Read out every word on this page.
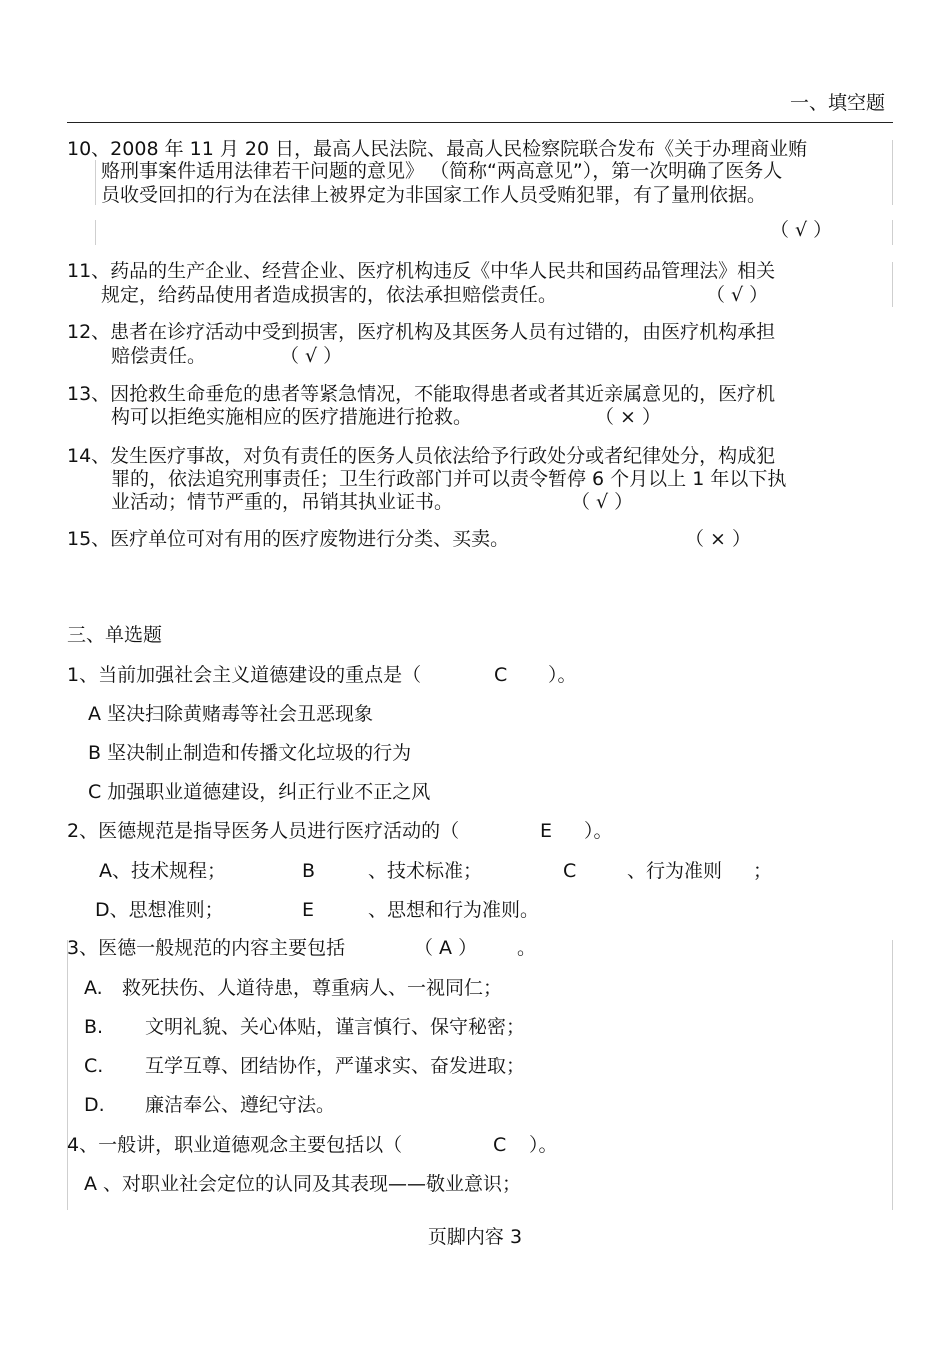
一、填空题
10、2008 年 11 月 20 日，最高人民法院、最高人民检察院联合发布《关于办理商业贿
赂刑事案件适用法律若干问题的意见》 （简称“两高意见”），第一次明确了医务人
员收受回扣的行为在法律上被界定为非国家工作人员受贿犯罪，有了量刑依据。
（ √ ）
11、药品的生产企业、经营企业、医疗机构违反《中华人民共和国药品管理法》相关
规定，给药品使用者造成损害的，依法承担赔偿责任。	（ √ ）
12、患者在诊疗活动中受到损害，医疗机构及其医务人员有过错的，由医疗机构承担
赔偿责任。	（ √ ）
13、因抢救生命垂危的患者等紧急情况，不能取得患者或者其近亲属意见的，医疗机
构可以拒绝实施相应的医疗措施进行抢救。	（ × ）
14、发生医疗事故，对负有责任的医务人员依法给予行政处分或者纪律处分，构成犯
罪的，依法追究刑事责任；卫生行政部门并可以责令暂停 6 个月以上 1 年以下执
业活动；情节严重的，吊销其执业证书。	（ √ ）
15、医疗单位可对有用的医疗废物进行分类、买卖。	（ × ）
三、单选题
1、当前加强社会主义道德建设的重点是（	C ）。
A 坚决扫除黄赌毒等社会丑恶现象
B 坚决制止制造和传播文化垃圾的行为
C 加强职业道德建设，纠正行业不正之风
2、医德规范是指导医务人员进行医疗活动的（	E ）。
A、技术规程；	B	、技术标准；	C	、行为准则 ；
D、思想准则；	E	、思想和行为准则。
3、医德一般规范的内容主要包括	（ A ） 。
A. 救死扶伤、人道待患，尊重病人、一视同仁；
B. 文明礼貌、关心体贴，谨言慎行、保守秘密；
C. 互学互尊、团结协作，严谨求实、奋发进取；
D. 廉洁奉公、遵纪守法。
4、一般讲，职业道德观念主要包括以（	C ）。
A 、对职业社会定位的认同及其表现——敬业意识；
页脚内容 3
